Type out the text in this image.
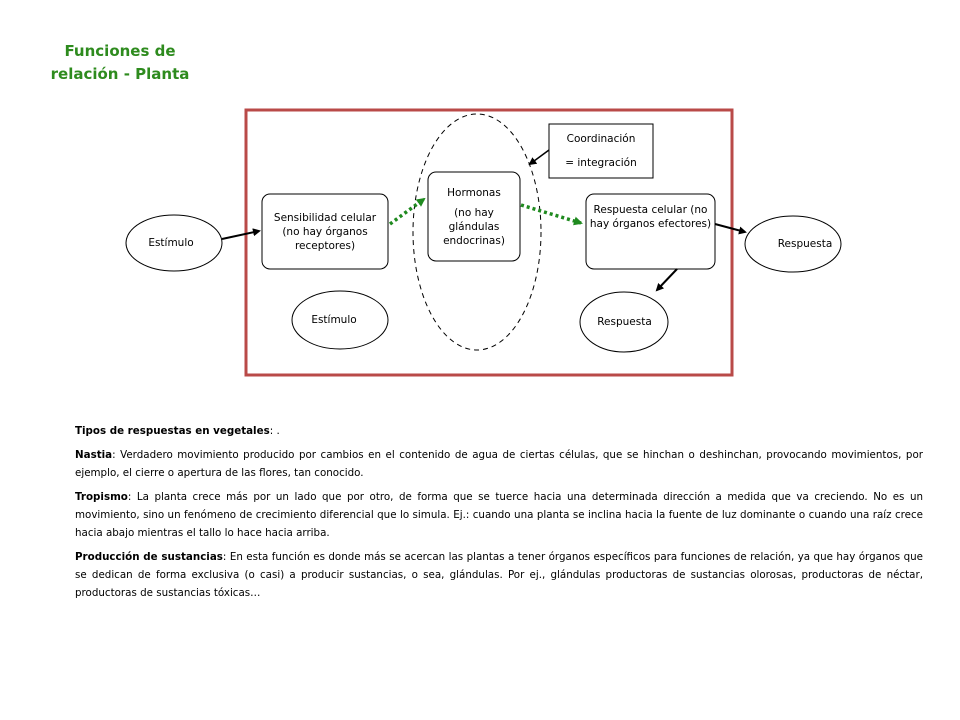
Funciones de
relación - Planta
Estímulo
Estímulo
Respuesta
Respuesta
Sensibilidad celular
(no hay órganos
receptores)
Hormonas
(no hay
glándulas
endocrinas)
Respuesta celular (no
hay órganos efectores)
Coordinación
= integración

Tipos de respuestas en vegetales: .

Nastia: Verdadero movimiento producido por cambios en el contenido de agua de ciertas células, que se hinchan o deshinchan, provocando movimientos, por ejemplo, el cierre o apertura de las flores, tan conocido.

Tropismo: La planta crece más por un lado que por otro, de forma que se tuerce hacia una determinada dirección a medida que va creciendo. No es un movimiento, sino un fenómeno de crecimiento diferencial que lo simula. Ej.: cuando una planta se inclina hacia la fuente de luz dominante o cuando una raíz crece hacia abajo mientras el tallo lo hace hacia arriba.

Producción de sustancias: En esta función es donde más se acercan las plantas a tener órganos específicos para funciones de relación, ya que hay órganos que se dedican de forma exclusiva (o casi) a producir sustancias, o sea, glándulas. Por ej., glándulas productoras de sustancias olorosas, productoras de néctar, productoras de sustancias tóxicas…
